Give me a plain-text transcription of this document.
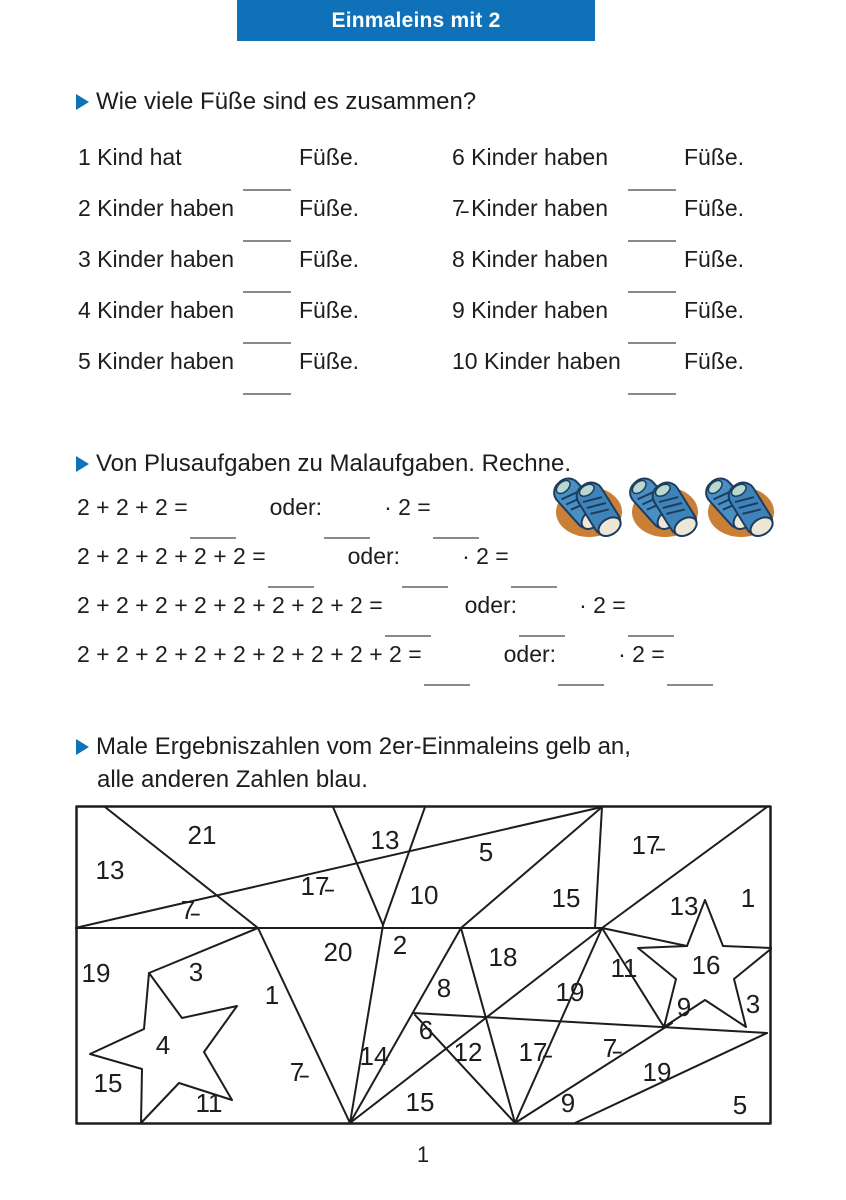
Einmaleins mit 2
Wie viele Füße sind es zusammen?
1 Kind hat	Füße.
2 Kinder haben	Füße.
3 Kinder haben	Füße.
4 Kinder haben	Füße.
5 Kinder haben	Füße.
6 Kinder haben	Füße.
7̵ Kinder haben	Füße.
8 Kinder haben	Füße.
9 Kinder haben	Füße.
10 Kinder haben	Füße.
Von Plusaufgaben zu Malaufgaben. Rechne.
2 + 2 + 2 =	oder:	· 2 =
2 + 2 + 2 + 2 + 2 =	oder:	· 2 =
2 + 2 + 2 + 2 + 2 + 2 + 2 + 2 =	oder:	· 2 =
2 + 2 + 2 + 2 + 2 + 2 + 2 + 2 + 2 =	oder:	· 2 =
Male Ergebniszahlen vom 2er-Einmaleins gelb an,
alle anderen Zahlen blau.
13
21
7̵
17̵
13
10
5
15
17̵
13 1
19	3
1
20 2	18
8	19
11 16
9 3
4	6
14	12 17̵ 7̵
19
7̵
15
11	15	9	5
1
